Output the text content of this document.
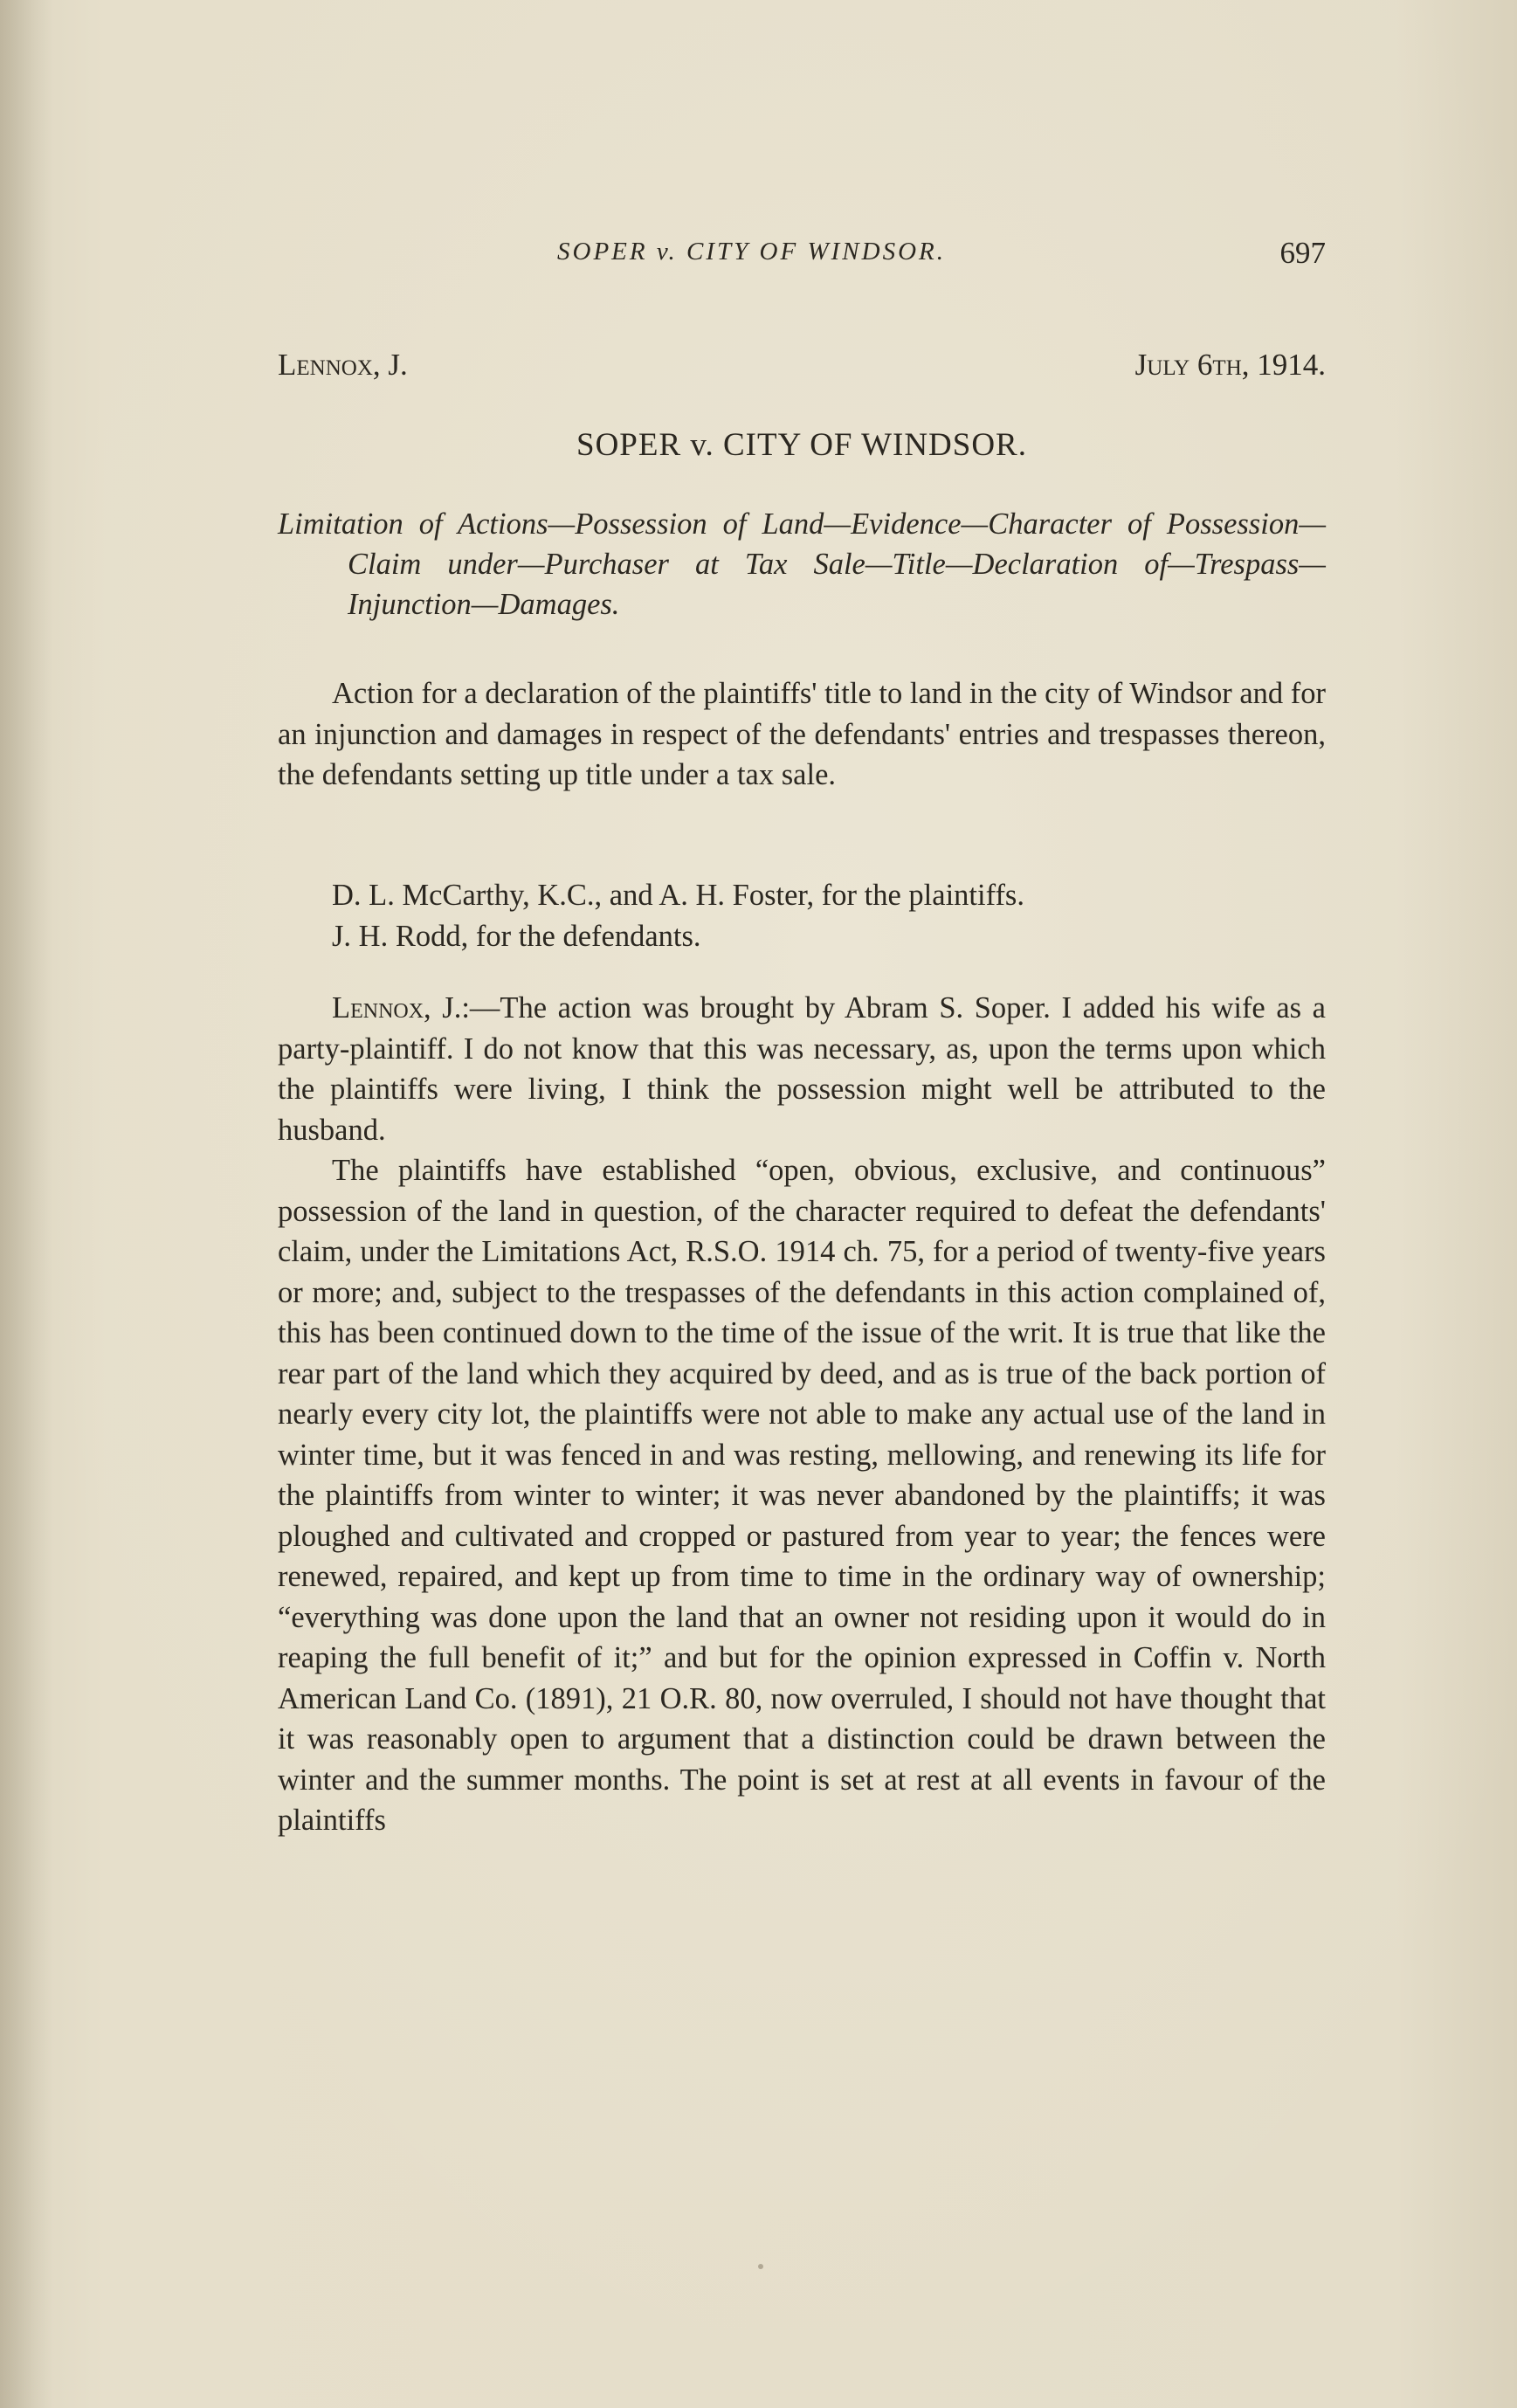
SOPER v. CITY OF WINDSOR.	697
Lennox, J.	July 6th, 1914.
SOPER v. CITY OF WINDSOR.
Limitation of Actions—Possession of Land—Evidence—Character of Possession—Claim under—Purchaser at Tax Sale—Title—Declaration of—Trespass—Injunction—Damages.
Action for a declaration of the plaintiffs' title to land in the city of Windsor and for an injunction and damages in respect of the defendants' entries and trespasses thereon, the defendants setting up title under a tax sale.
D. L. McCarthy, K.C., and A. H. Foster, for the plaintiffs.
J. H. Rodd, for the defendants.

Lennox, J.:—The action was brought by Abram S. Soper. I added his wife as a party-plaintiff. I do not know that this was necessary, as, upon the terms upon which the plaintiffs were living, I think the possession might well be attributed to the husband.

The plaintiffs have established “open, obvious, exclusive, and continuous” possession of the land in question, of the character required to defeat the defendants' claim, under the Limitations Act, R.S.O. 1914 ch. 75, for a period of twenty-five years or more; and, subject to the trespasses of the defendants in this action complained of, this has been continued down to the time of the issue of the writ. It is true that like the rear part of the land which they acquired by deed, and as is true of the back portion of nearly every city lot, the plaintiffs were not able to make any actual use of the land in winter time, but it was fenced in and was resting, mellowing, and renewing its life for the plaintiffs from winter to winter; it was never abandoned by the plaintiffs; it was ploughed and cultivated and cropped or pastured from year to year; the fences were renewed, repaired, and kept up from time to time in the ordinary way of ownership; “everything was done upon the land that an owner not residing upon it would do in reaping the full benefit of it;” and but for the opinion expressed in Coffin v. North American Land Co. (1891), 21 O.R. 80, now overruled, I should not have thought that it was reasonably open to argument that a distinction could be drawn between the winter and the summer months. The point is set at rest at all events in favour of the plaintiffs
